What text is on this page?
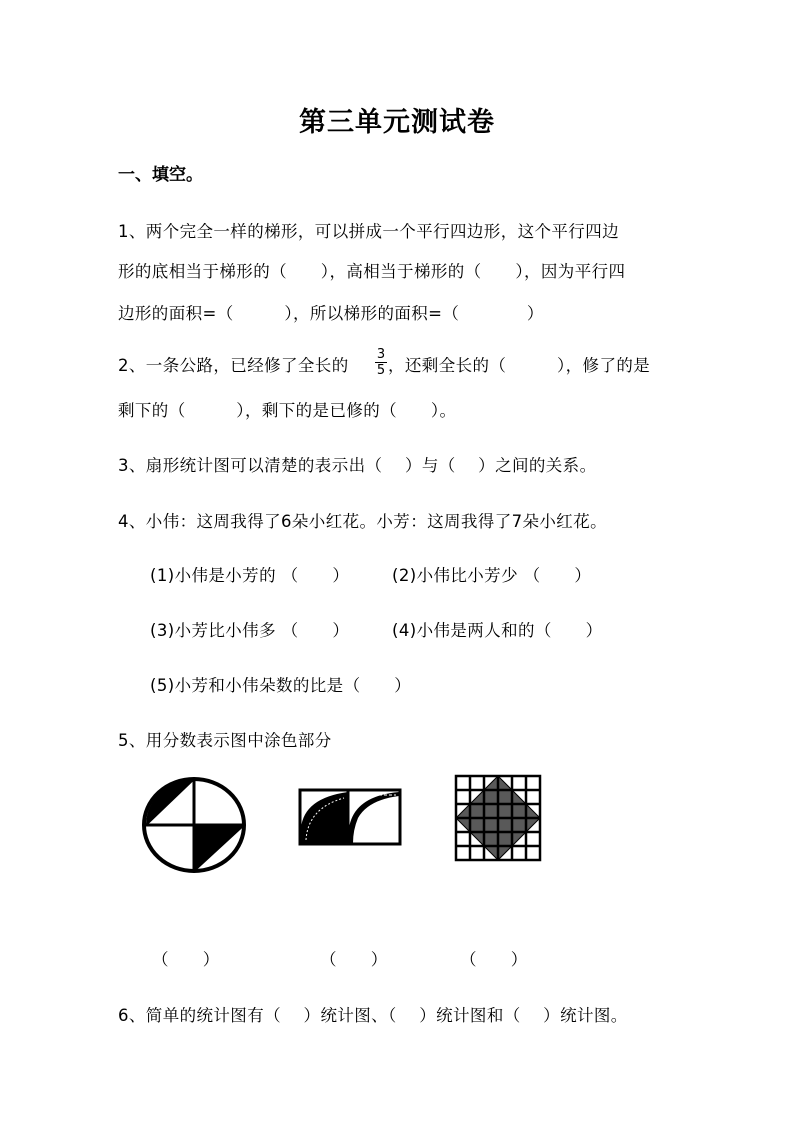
第三单元测试卷
一、填空。
1、两个完全一样的梯形，可以拼成一个平行四边形，这个平行四边
形的底相当于梯形的（　　），高相当于梯形的（　　），因为平行四
边形的面积=（　　　），所以梯形的面积=（　　　　）
2、一条公路，已经修了全长的 $\frac{3}{5}$ ，还剩全长的（　　　），修了的是
剩下的（　　　），剩下的是已修的（　　）。
3、扇形统计图可以清楚的表示出（　 ）与（　 ）之间的关系。
4、小伟：这周我得了6朵小红花。小芳：这周我得了7朵小红花。
(1)小伟是小芳的 （　　）	(2)小伟比小芳少 （　　）
(3)小芳比小伟多 （　　）	(4)小伟是两人和的（　　）
(5)小芳和小伟朵数的比是（　　）
5、用分数表示图中涂色部分
（　　）	（　　）	（　　）
6、简单的统计图有（　 ）统计图、（　 ）统计图和（　 ）统计图。
